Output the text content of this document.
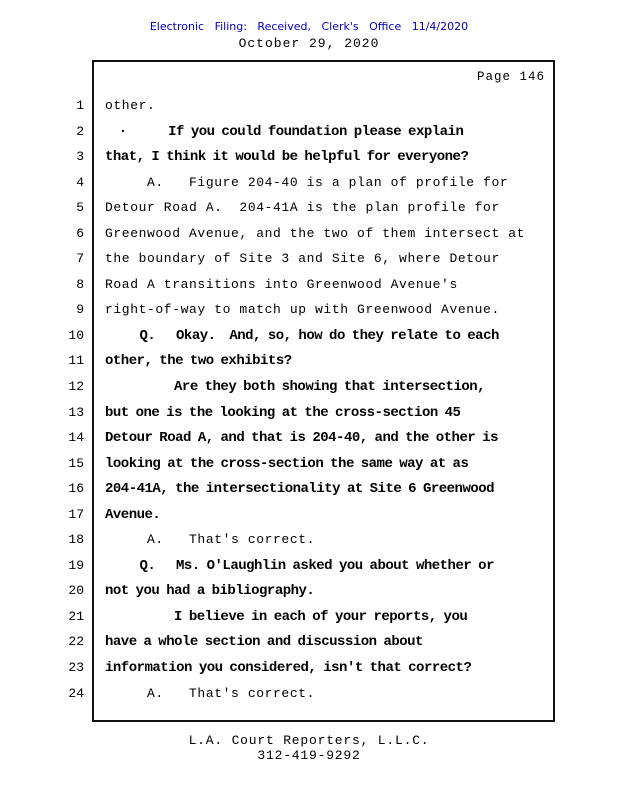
Electronic Filing: Received, Clerk's Office 11/4/2020
October 29, 2020
Page 146
1 other.
2  ·      If you could foundation please explain
3 that, I think it would be helpful for everyone?
4     A.   Figure 204-40 is a plan of profile for
5 Detour Road A.  204-41A is the plan profile for
6 Greenwood Avenue, and the two of them intersect at
7 the boundary of Site 3 and Site 6, where Detour
8 Road A transitions into Greenwood Avenue's
9 right-of-way to match up with Greenwood Avenue.
10     Q.   Okay.  And, so, how do they relate to each
11 other, the two exhibits?
12          Are they both showing that intersection,
13 but one is the looking at the cross-section 45
14 Detour Road A, and that is 204-40, and the other is
15 looking at the cross-section the same way at as
16 204-41A, the intersectionality at Site 6 Greenwood
17 Avenue.
18     A.   That's correct.
19     Q.   Ms. O'Laughlin asked you about whether or
20 not you had a bibliography.
21          I believe in each of your reports, you
22 have a whole section and discussion about
23 information you considered, isn't that correct?
24     A.   That's correct.
L.A. Court Reporters, L.L.C.
312-419-9292
